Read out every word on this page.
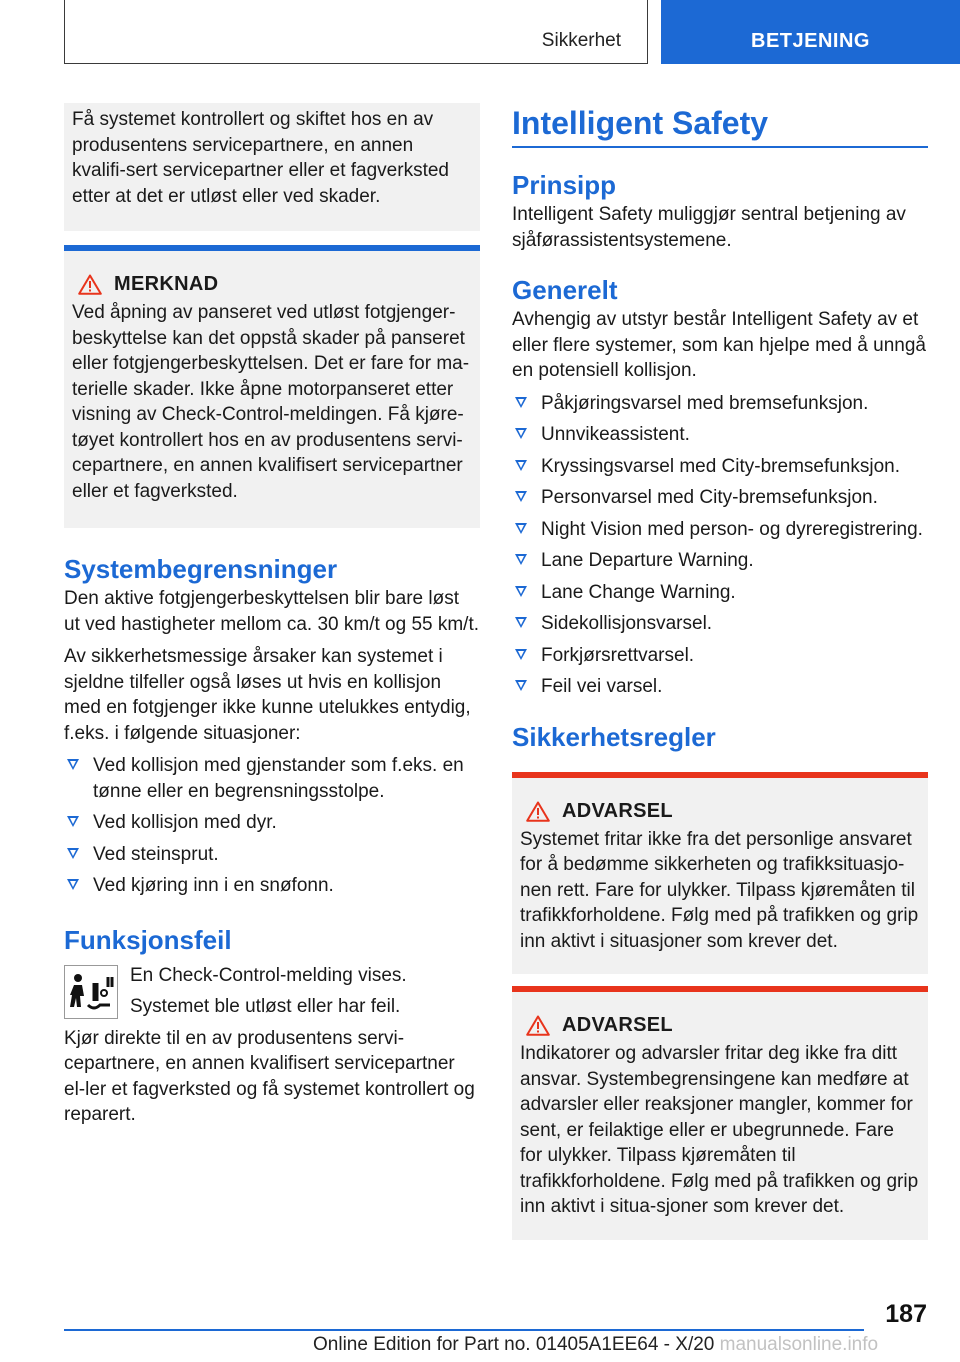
Sikkerhet	BETJENING

Få systemet kontrollert og skiftet hos en av produsentens servicepartnere, en annen kvalifi-sert servicepartner eller et fagverksted etter at det er utløst eller ved skader.

MERKNAD

Ved åpning av panseret ved utløst fotgjenger-beskyttelse kan det oppstå skader på panseret eller fotgjengerbeskyttelsen. Det er fare for ma-terielle skader. Ikke åpne motorpanseret etter visning av Check-Control-meldingen. Få kjøre-tøyet kontrollert hos en av produsentens servi-cepartnere, en annen kvalifisert servicepartner eller et fagverksted.

Systembegrensninger

Den aktive fotgjengerbeskyttelsen blir bare løst ut ved hastigheter mellom ca. 30 km/t og 55 km/t.

Av sikkerhetsmessige årsaker kan systemet i sjeldne tilfeller også løses ut hvis en kollisjon med en fotgjenger ikke kunne utelukkes entydig, f.eks. i følgende situasjoner:

Ved kollisjon med gjenstander som f.eks. en tønne eller en begrensningsstolpe.
Ved kollisjon med dyr.
Ved steinsprut.
Ved kjøring inn i en snøfonn.
Funksjonsfeil

En Check-Control-melding vises.

Systemet ble utløst eller har feil.

Kjør direkte til en av produsentens servi-cepartnere, en annen kvalifisert servicepartner el-ler et fagverksted og få systemet kontrollert og reparert.

Intelligent Safety
Prinsipp

Intelligent Safety muliggjør sentral betjening av sjåførassistentsystemene.

Generelt

Avhengig av utstyr består Intelligent Safety av et eller flere systemer, som kan hjelpe med å unngå en potensiell kollisjon.

Påkjøringsvarsel med bremsefunksjon.
Unnvikeassistent.
Kryssingsvarsel med City-bremsefunksjon.
Personvarsel med City-bremsefunksjon.
Night Vision med person- og dyreregistrering.
Lane Departure Warning.
Lane Change Warning.
Sidekollisjonsvarsel.
Forkjørsrettvarsel.
Feil vei varsel.
Sikkerhetsregler
ADVARSEL

Systemet fritar ikke fra det personlige ansvaret for å bedømme sikkerheten og trafikksituasjo-nen rett. Fare for ulykker. Tilpass kjøremåten til trafikkforholdene. Følg med på trafikken og grip inn aktivt i situasjoner som krever det.

ADVARSEL

Indikatorer og advarsler fritar deg ikke fra ditt ansvar. Systembegrensingene kan medføre at advarsler eller reaksjoner mangler, kommer for sent, er feilaktige eller er ubegrunnede. Fare for ulykker. Tilpass kjøremåten til trafikkforholdene. Følg med på trafikken og grip inn aktivt i situa-sjoner som krever det.

187
Online Edition for Part no. 01405A1EE64 - X/20
manualsonline.info
